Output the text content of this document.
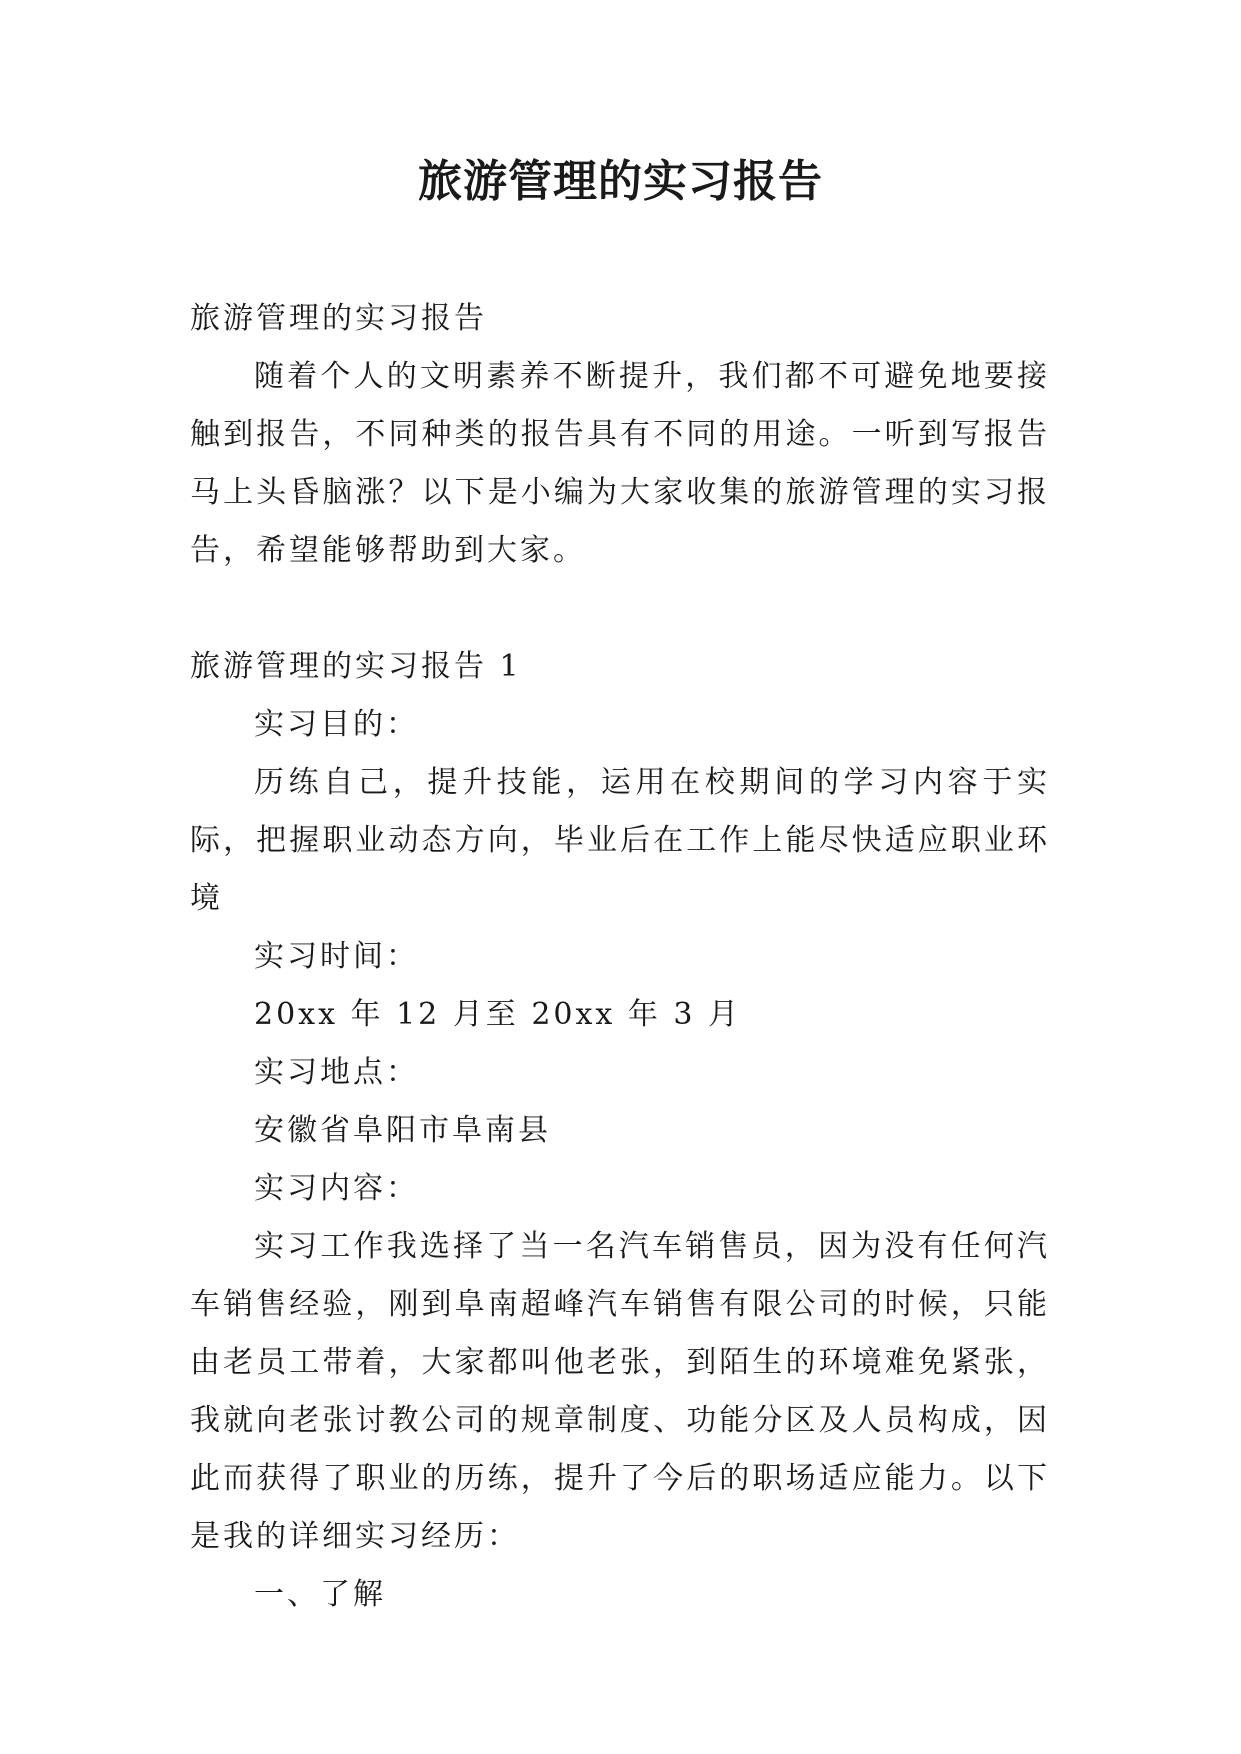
旅游管理的实习报告

旅游管理的实习报告

随着个人的文明素养不断提升，我们都不可避免地要接触到报告，不同种类的报告具有不同的用途。一听到写报告马上头昏脑涨？以下是小编为大家收集的旅游管理的实习报告，希望能够帮助到大家。

旅游管理的实习报告 1

实习目的：

历练自己，提升技能，运用在校期间的学习内容于实际，把握职业动态方向，毕业后在工作上能尽快适应职业环境

实习时间：

20xx 年 12 月至 20xx 年 3 月

实习地点：

安徽省阜阳市阜南县

实习内容：

实习工作我选择了当一名汽车销售员，因为没有任何汽车销售经验，刚到阜南超峰汽车销售有限公司的时候，只能由老员工带着，大家都叫他老张，到陌生的环境难免紧张，我就向老张讨教公司的规章制度、功能分区及人员构成，因此而获得了职业的历练，提升了今后的职场适应能力。以下是我的详细实习经历：

一、了解
